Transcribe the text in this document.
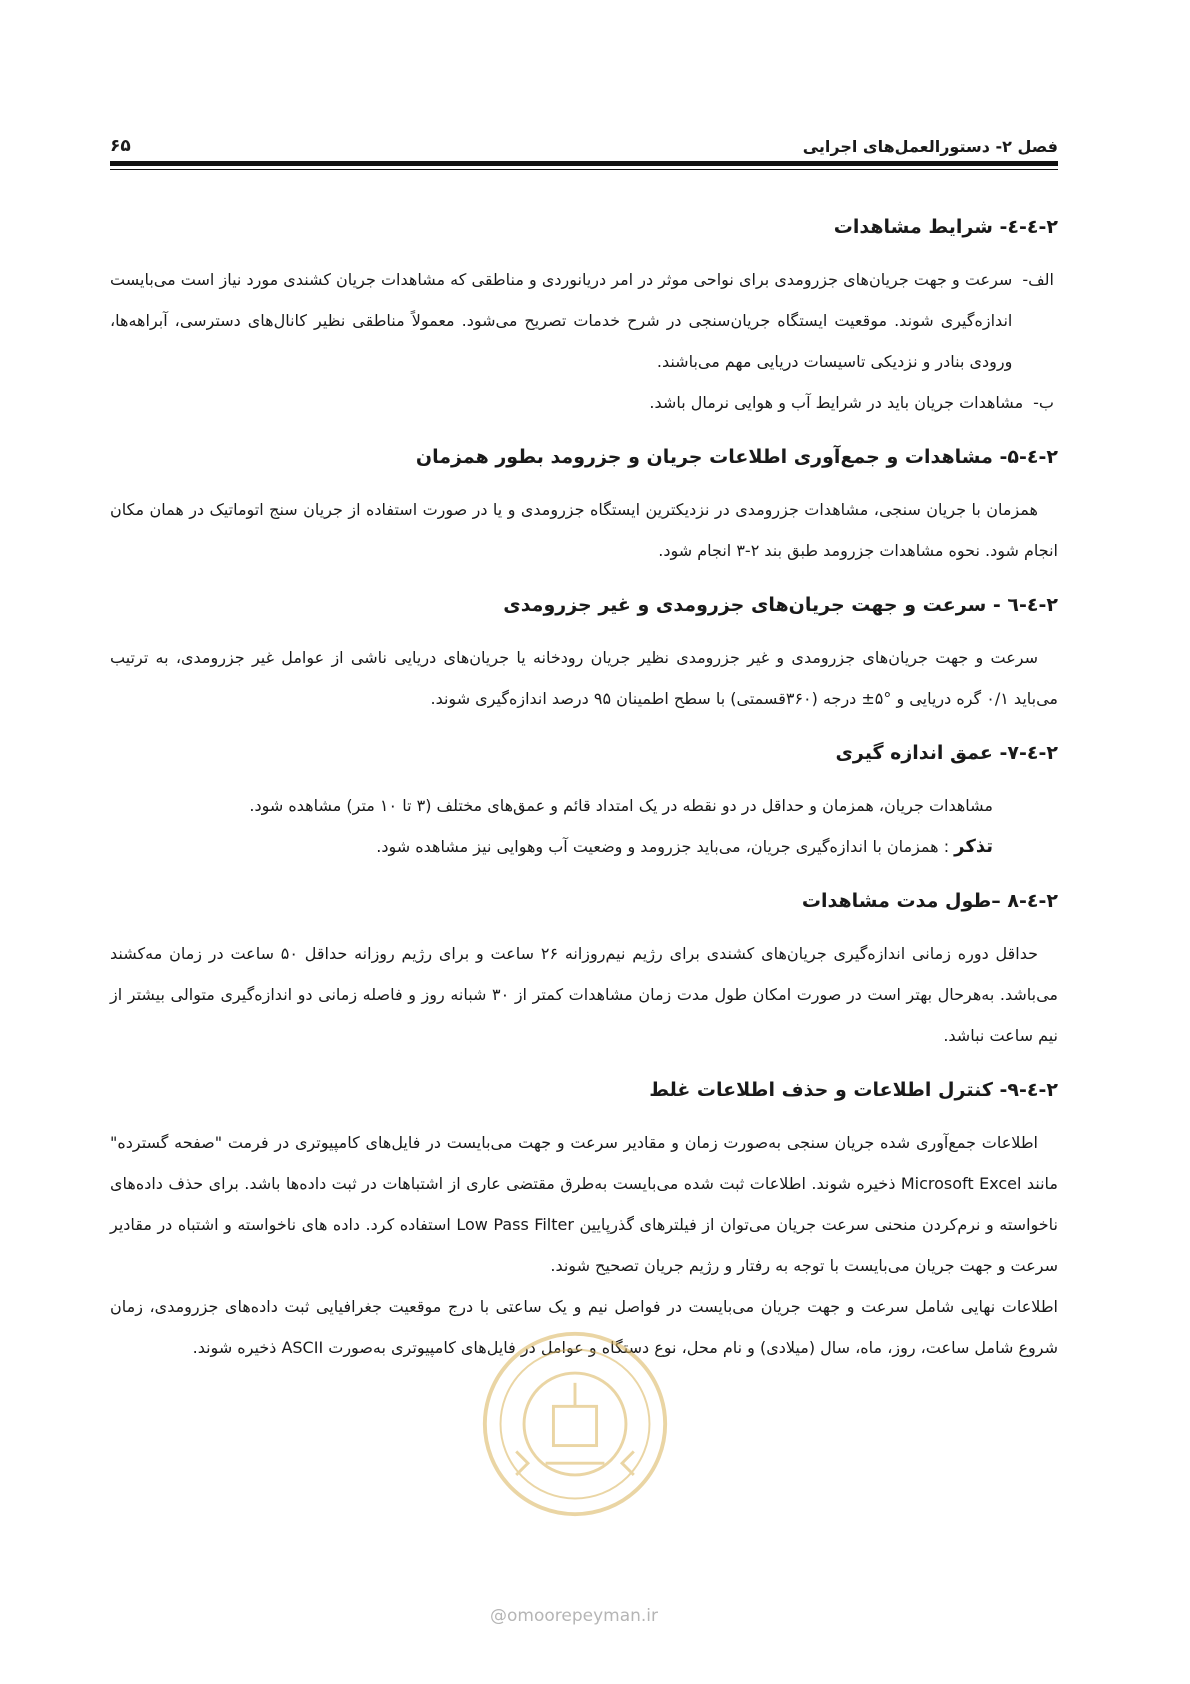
فصل ۲- دستورالعمل‌های اجرایی
۶۵
۲-٤-٤- شرایط مشاهدات
الف-
سرعت و جهت جریان‌های جزرومدی برای نواحی موثر در امر دریانوردی و مناطقی که مشاهدات جریان کشندی مورد نیاز است می‌بایست اندازه‌گیری شوند. موقعیت ایستگاه جریان‌سنجی در شرح خدمات تصریح می‌شود. معمولاً مناطقی نظیر کانال‌های دسترسی، آبراهه‌ها، ورودی بنادر و نزدیکی تاسیسات دریایی مهم می‌باشند.
ب-
مشاهدات جریان باید در شرایط آب و هوایی نرمال باشد.
۲-٤-۵- مشاهدات و جمع‌آوری اطلاعات جریان و جزرومد بطور همزمان

همزمان با جریان سنجی، مشاهدات جزرومدی در نزدیکترین ایستگاه جزرومدی و یا در صورت استفاده از جریان سنج اتوماتیک در همان مکان انجام شود. نحوه مشاهدات جزرومد طبق بند ۲-۳ انجام شود.

۲-٤-٦ - سرعت و جهت جریان‌های جزرومدی و غیر جزرومدی

سرعت و جهت جریان‌های جزرومدی و غیر جزرومدی نظیر جریان رودخانه یا جریان‌های دریایی ناشی از عوامل غیر جزرومدی، به ترتیب می‌باید ۰/۱ گره دریایی و °۵± درجه (۳۶۰قسمتی) با سطح اطمینان ۹۵ درصد اندازه‌گیری شوند.

۲-٤-۷- عمق اندازه گیری

مشاهدات جریان، همزمان و حداقل در دو نقطه در یک امتداد قائم و عمق‌های مختلف (۳ تا ۱۰ متر) مشاهده شود.

تذکر : همزمان با اندازه‌گیری جریان، می‌باید جزرومد و وضعیت آب وهوایی نیز مشاهده شود.

۲-٤-۸ –طول مدت مشاهدات

حداقل دوره زمانی اندازه‌گیری جریان‌های کشندی برای رژیم نیم‌روزانه ۲۶ ساعت و برای رژیم روزانه حداقل ۵۰ ساعت در زمان مه‌کشند می‌باشد. به‌هرحال بهتر است در صورت امکان طول مدت زمان مشاهدات کمتر از ۳۰ شبانه روز و فاصله زمانی دو اندازه‌گیری متوالی بیشتر از نیم ساعت نباشد.

۲-٤-۹- کنترل اطلاعات و حذف اطلاعات غلط

اطلاعات جمع‌آوری شده جریان سنجی به‌صورت زمان و مقادیر سرعت و جهت می‌بایست در فایل‌های کامپیوتری در فرمت "صفحه گسترده" مانند Microsoft Excel ذخیره شوند. اطلاعات ثبت شده می‌بایست به‌طرق مقتضی عاری از اشتباهات در ثبت داده‌ها باشد. برای حذف داده‌های ناخواسته و نرم‌کردن منحنی سرعت جریان می‌توان از فیلترهای گذرپایین Low Pass Filter استفاده کرد. داده های ناخواسته و اشتباه در مقادیر سرعت و جهت جریان می‌بایست با توجه به رفتار و رژیم جریان تصحیح شوند.

اطلاعات نهایی شامل سرعت و جهت جریان می‌بایست در فواصل نیم و یک ساعتی با درج موقعیت جغرافیایی ثبت داده‌های جزرومدی، زمان شروع شامل ساعت، روز، ماه، سال (میلادی) و نام محل، نوع دستگاه و عوامل در فایل‌های کامپیوتری به‌صورت ASCII ذخیره شوند.

@omoorepeyman.ir
